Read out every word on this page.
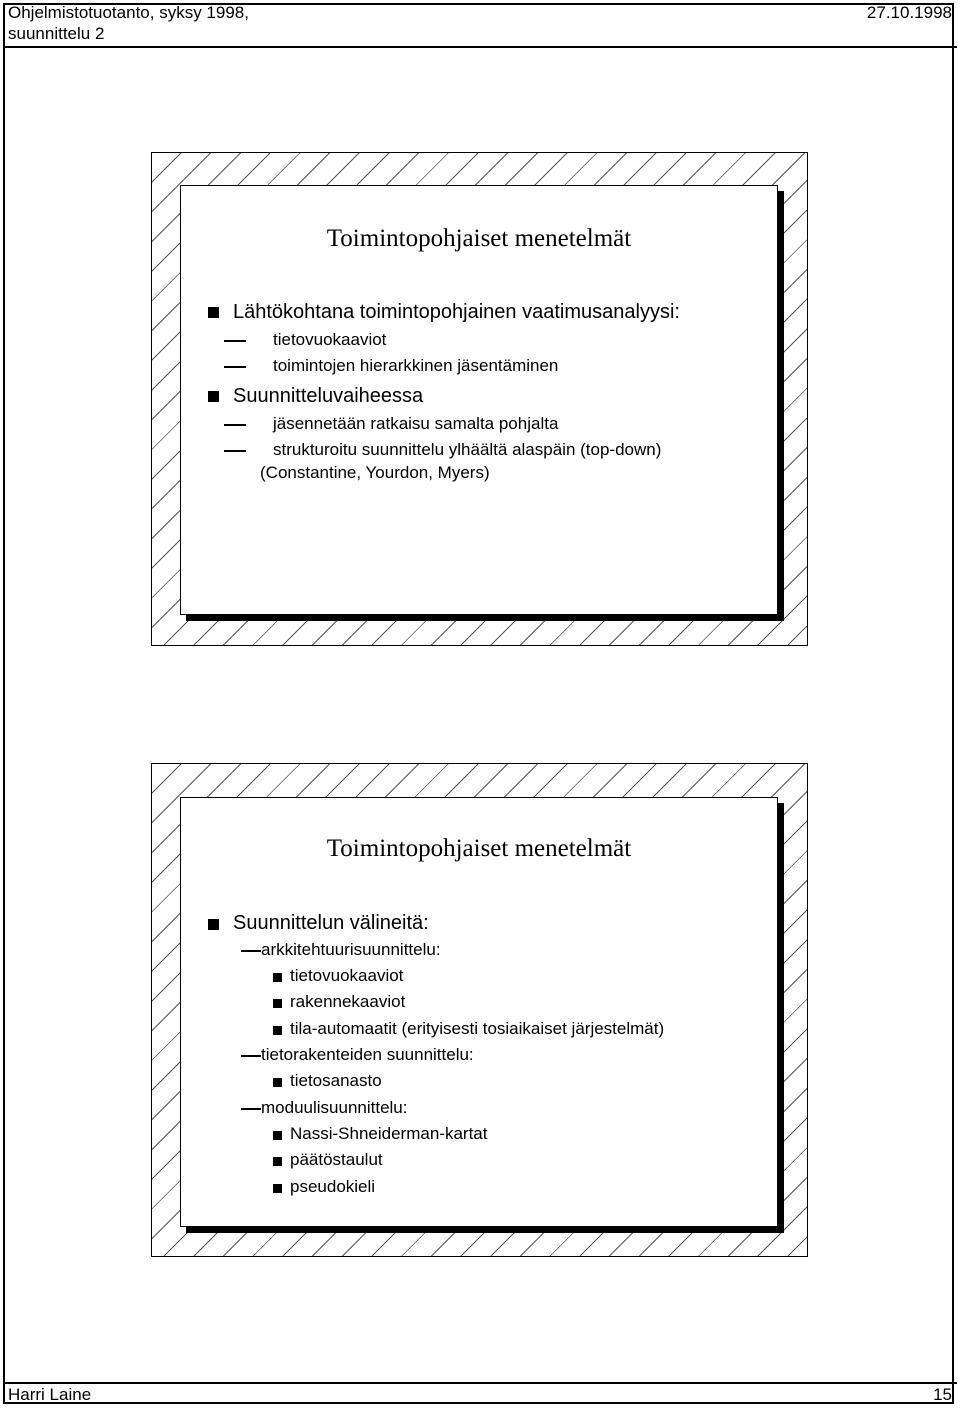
Ohjelmistotuotanto, syksy 1998,
suunnittelu 2
27.10.1998
Toimintopohjaiset menetelmät
Lähtökohtana toimintopohjainen vaatimusanalyysi:
tietovuokaaviot
toimintojen hierarkkinen jäsentäminen
Suunnitteluvaiheessa
jäsennetään ratkaisu samalta pohjalta
strukturoitu suunnittelu ylhäältä alaspäin (top-down)
(Constantine, Yourdon, Myers)
Toimintopohjaiset menetelmät
Suunnittelun välineitä:
arkkitehtuurisuunnittelu:
tietovuokaaviot
rakennekaaviot
tila-automaatit (erityisesti tosiaikaiset järjestelmät)
tietorakenteiden suunnittelu:
tietosanasto
moduulisuunnittelu:
Nassi-Shneiderman-kartat
päätöstaulut
pseudokieli
Harri Laine	15
